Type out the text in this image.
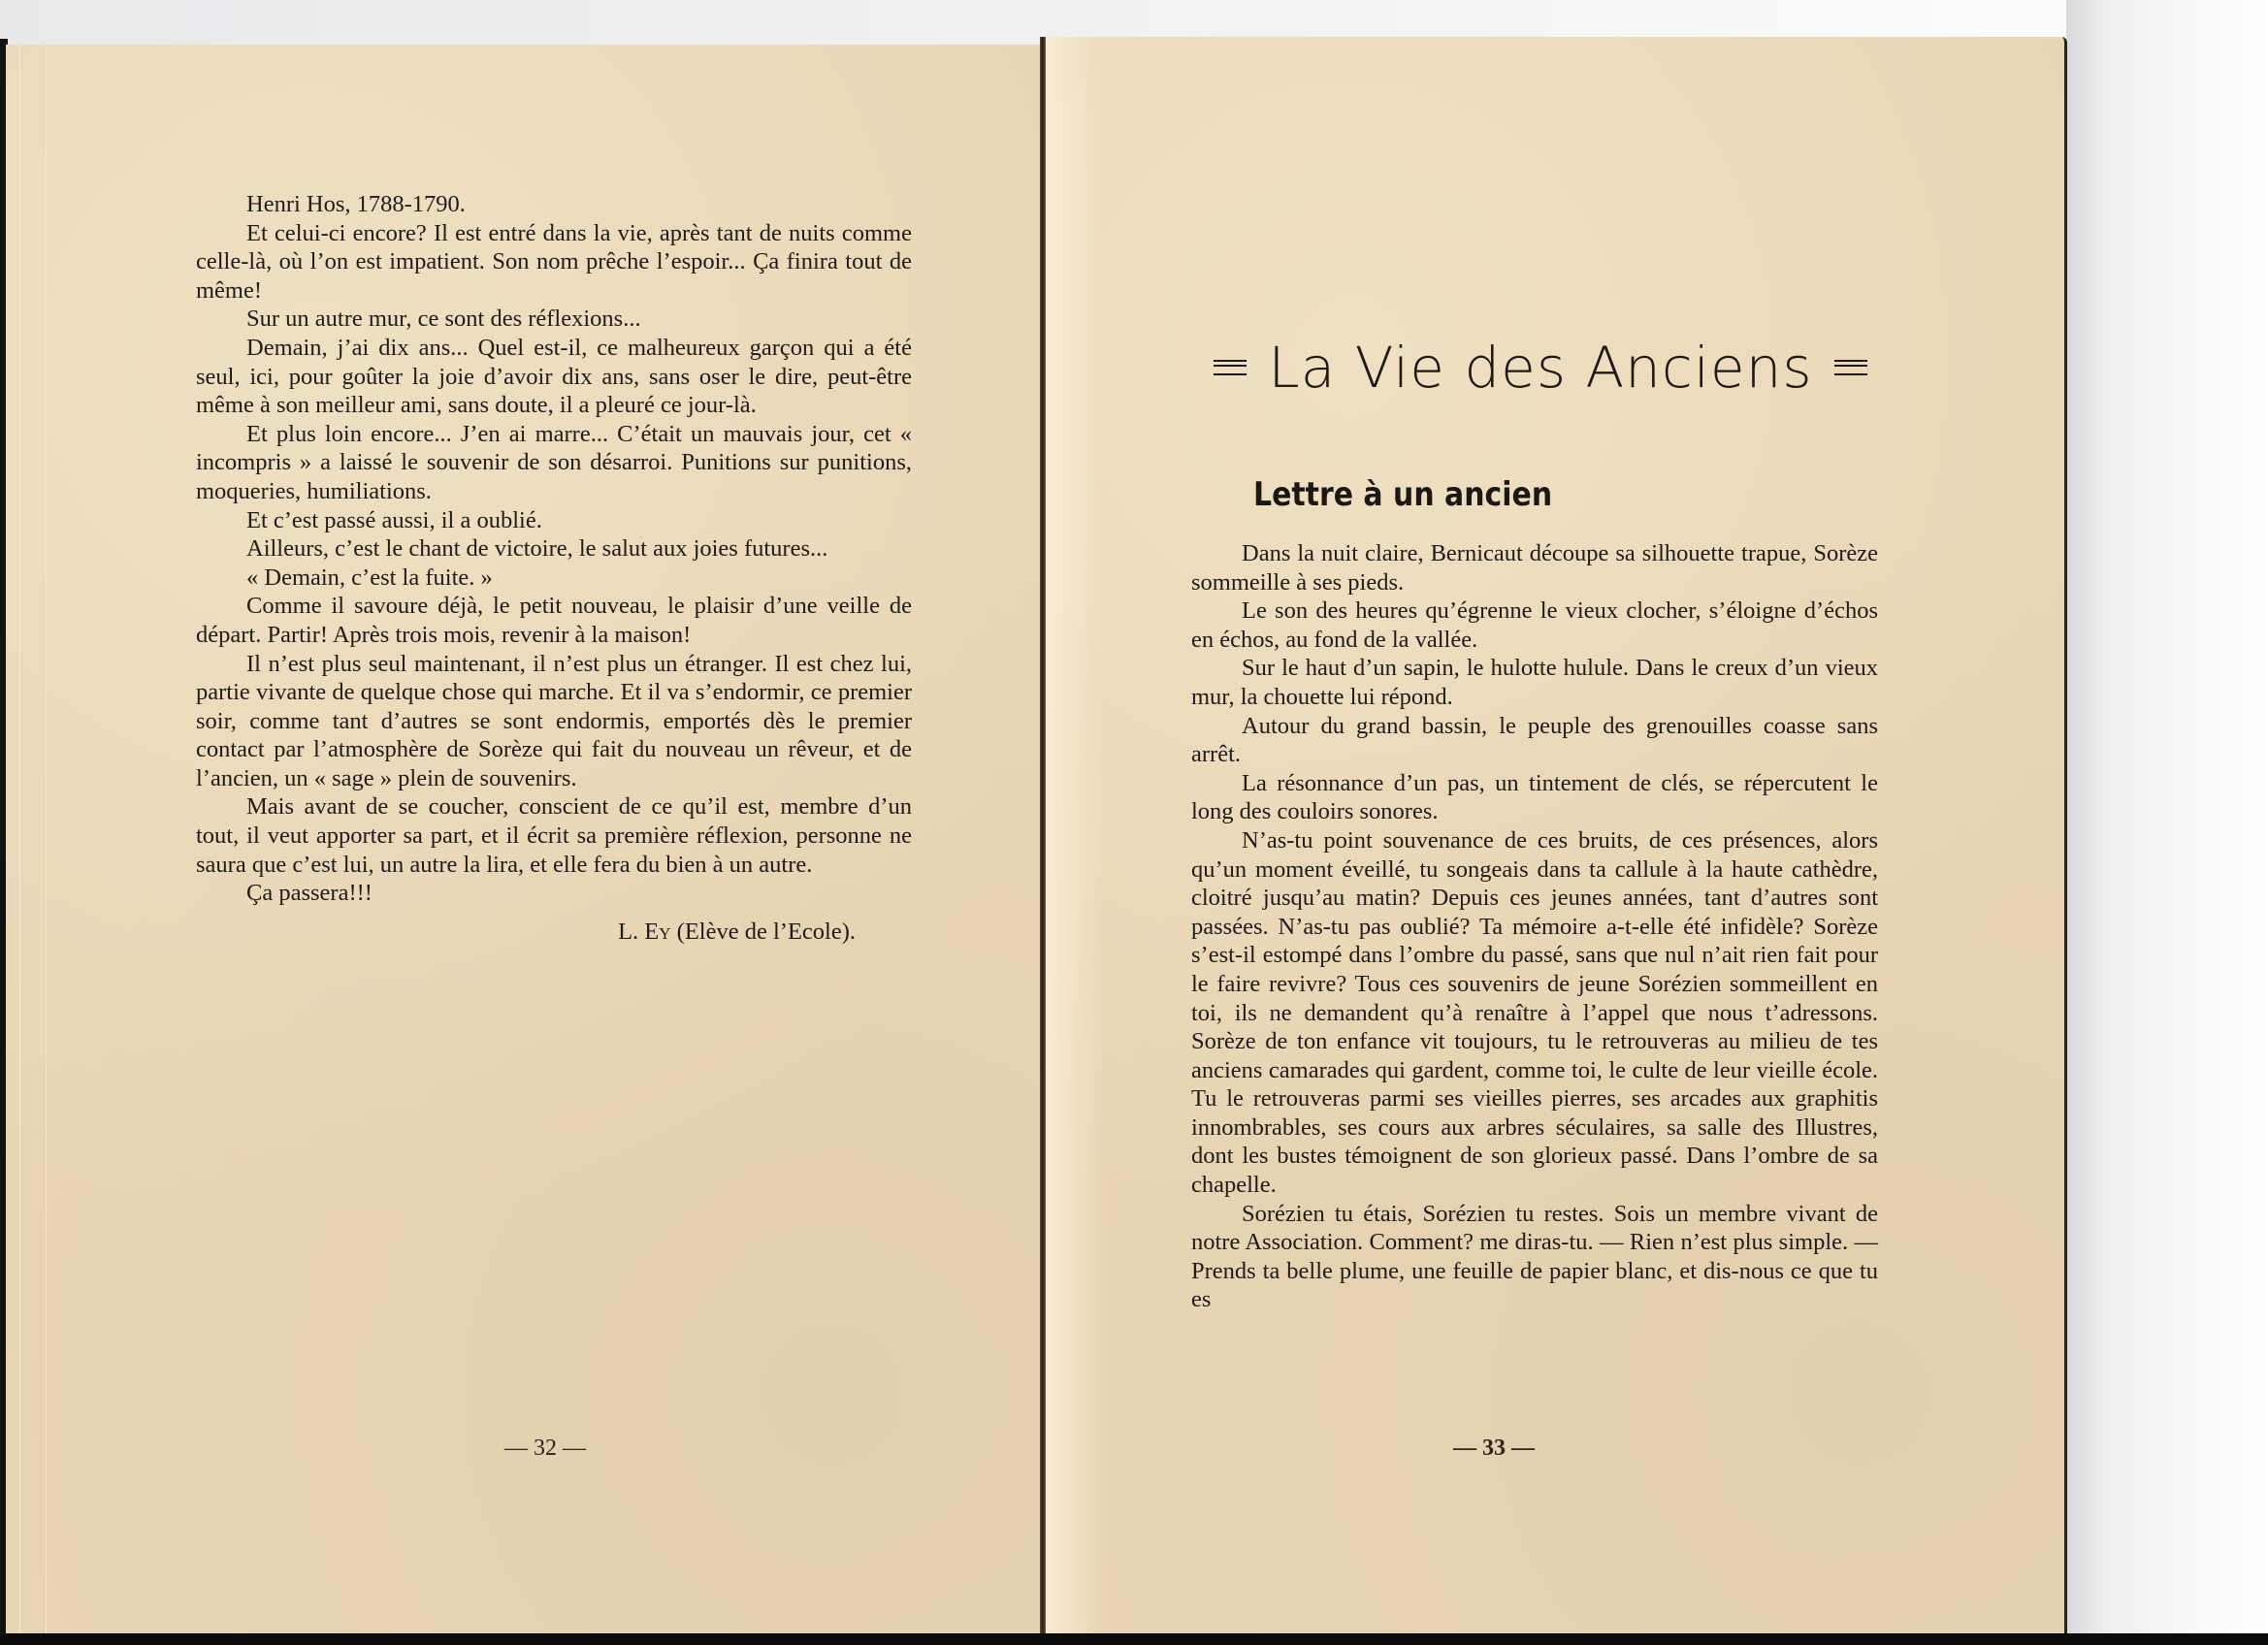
Henri Hos, 1788-1790.

Et celui-ci encore? Il est entré dans la vie, après tant de nuits comme celle-là, où l’on est impatient. Son nom prêche l’espoir... Ça finira tout de même!

Sur un autre mur, ce sont des réflexions...

Demain, j’ai dix ans... Quel est-il, ce malheureux garçon qui a été seul, ici, pour goûter la joie d’avoir dix ans, sans oser le dire, peut-être même à son meilleur ami, sans doute, il a pleuré ce jour-là.

Et plus loin encore... J’en ai marre... C’était un mauvais jour, cet « incompris » a laissé le souvenir de son désarroi. Punitions sur punitions, moqueries, humiliations.

Et c’est passé aussi, il a oublié.

Ailleurs, c’est le chant de victoire, le salut aux joies futures...

« Demain, c’est la fuite. »

Comme il savoure déjà, le petit nouveau, le plaisir d’une veille de départ. Partir! Après trois mois, revenir à la maison!

Il n’est plus seul maintenant, il n’est plus un étranger. Il est chez lui, partie vivante de quelque chose qui marche. Et il va s’endormir, ce premier soir, comme tant d’autres se sont endormis, emportés dès le premier contact par l’atmosphère de Sorèze qui fait du nouveau un rêveur, et de l’ancien, un « sage » plein de souvenirs.

Mais avant de se coucher, conscient de ce qu’il est, membre d’un tout, il veut apporter sa part, et il écrit sa première réflexion, personne ne saura que c’est lui, un autre la lira, et elle fera du bien à un autre.

Ça passera!!!

L. Ey (Elève de l’Ecole).

— 32 —
La Vie des Anciens
Lettre à un ancien

Dans la nuit claire, Bernicaut découpe sa silhouette trapue, Sorèze sommeille à ses pieds.

Le son des heures qu’égrenne le vieux clocher, s’éloigne d’échos en échos, au fond de la vallée.

Sur le haut d’un sapin, le hulotte hulule. Dans le creux d’un vieux mur, la chouette lui répond.

Autour du grand bassin, le peuple des grenouilles coasse sans arrêt.

La résonnance d’un pas, un tintement de clés, se répercutent le long des couloirs sonores.

N’as-tu point souvenance de ces bruits, de ces présences, alors qu’un moment éveillé, tu songeais dans ta callule à la haute cathèdre, cloitré jusqu’au matin? Depuis ces jeunes années, tant d’autres sont passées. N’as-tu pas oublié? Ta mémoire a-t-elle été infidèle? Sorèze s’est-il estompé dans l’ombre du passé, sans que nul n’ait rien fait pour le faire revivre? Tous ces souvenirs de jeune Sorézien sommeillent en toi, ils ne demandent qu’à renaître à l’appel que nous t’adressons. Sorèze de ton enfance vit toujours, tu le retrouveras au milieu de tes anciens camarades qui gardent, comme toi, le culte de leur vieille école. Tu le retrouveras parmi ses vieilles pierres, ses arcades aux graphitis innombrables, ses cours aux arbres séculaires, sa salle des Illustres, dont les bustes témoignent de son glorieux passé. Dans l’ombre de sa chapelle.

Sorézien tu étais, Sorézien tu restes. Sois un membre vivant de notre Association. Comment? me diras-tu. — Rien n’est plus simple. — Prends ta belle plume, une feuille de papier blanc, et dis-nous ce que tu es

— 33 —
